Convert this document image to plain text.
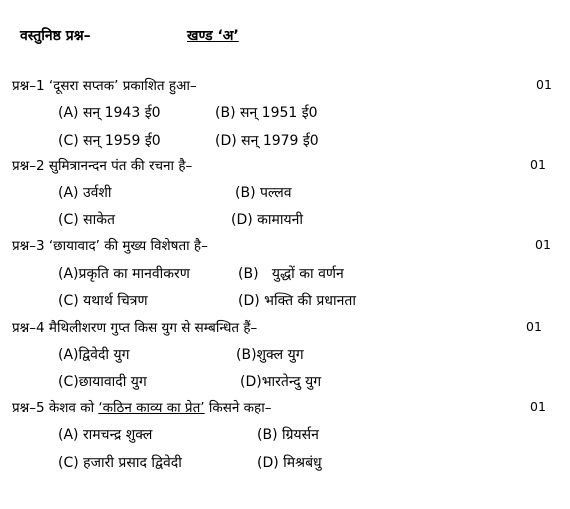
वस्तुनिष्ठ प्रश्न–	खण्ड ‘अ’
प्रश्न–1 ‘दूसरा सप्तक’ प्रकाशित हुआ–	01
(A) सन् 1943 ई0	(B) सन् 1951 ई0
(C) सन् 1959 ई0	(D) सन् 1979 ई0
प्रश्न–2 सुमित्रानन्दन पंत की रचना है–	01
(A) उर्वशी	(B) पल्लव
(C) साकेत	(D) कामायनी
प्रश्न–3 ‘छायावाद’ की मुख्य विशेषता है–	01
(A)प्रकृति का मानवीकरण	(B)   युद्धों का वर्णन
(C) यथार्थ चित्रण	(D) भक्ति की प्रधानता
प्रश्न–4 मैथिलीशरण गुप्त किस युग से सम्बन्धित हैं–	01
(A)द्विवेदी युग	(B)शुक्ल युग
(C)छायावादी युग	(D)भारतेन्दु युग
प्रश्न–5 केशव को ‘कठिन काव्य का प्रेत’ किसने कहा–	01
(A) रामचन्द्र शुक्ल	(B) ग्रियर्सन
(C) हजारी प्रसाद द्विवेदी	(D) मिश्रबंधु
